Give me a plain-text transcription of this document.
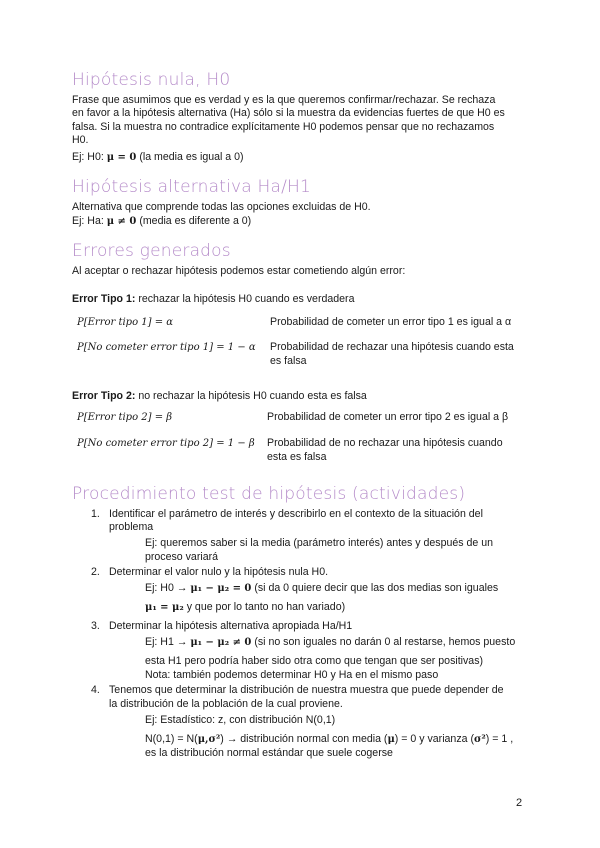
Hipótesis nula, H0
Frase que asumimos que es verdad y es la que queremos confirmar/rechazar. Se rechaza
en favor a la hipótesis alternativa (Ha) sólo si la muestra da evidencias fuertes de que H0 es
falsa. Si la muestra no contradice explícitamente H0 podemos pensar que no rechazamos
H0.
Ej: H0: μ = 0 (la media es igual a 0)
Hipótesis alternativa Ha/H1
Alternativa que comprende todas las opciones excluidas de H0.
Ej: Ha: μ ≠ 0 (media es diferente a 0)
Errores generados
Al aceptar o rechazar hipótesis podemos estar cometiendo algún error:
Error Tipo 1: rechazar la hipótesis H0 cuando es verdadera
P[Error tipo 1] = α	Probabilidad de cometer un error tipo 1 es igual a α
P[No cometer error tipo 1] = 1 − α Probabilidad de rechazar una hipótesis cuando esta
es falsa
Error Tipo 2: no rechazar la hipótesis H0 cuando esta es falsa
P[Error tipo 2] = β	Probabilidad de cometer un error tipo 2 es igual a β
P[No cometer error tipo 2] = 1 − β Probabilidad de no rechazar una hipótesis cuando
esta es falsa
Procedimiento test de hipótesis (actividades)
1. Identificar el parámetro de interés y describirlo en el contexto de la situación del
problema
Ej: queremos saber si la media (parámetro interés) antes y después de un
proceso variará
2. Determinar el valor nulo y la hipótesis nula H0.
Ej: H0 → μ₁ − μ₂ = 0 (si da 0 quiere decir que las dos medias son iguales
μ₁ = μ₂ y que por lo tanto no han variado)
3. Determinar la hipótesis alternativa apropiada Ha/H1
Ej: H1 → μ₁ − μ₂ ≠ 0 (si no son iguales no darán 0 al restarse, hemos puesto
esta H1 pero podría haber sido otra como que tengan que ser positivas)
Nota: también podemos determinar H0 y Ha en el mismo paso
4. Tenemos que determinar la distribución de nuestra muestra que puede depender de
la distribución de la población de la cual proviene.
Ej: Estadístico: z, con distribución N(0,1)
N(0,1) = N(μ,σ²) → distribución normal con media (μ) = 0 y varianza (σ²) = 1 ,
es la distribución normal estándar que suele cogerse
2
